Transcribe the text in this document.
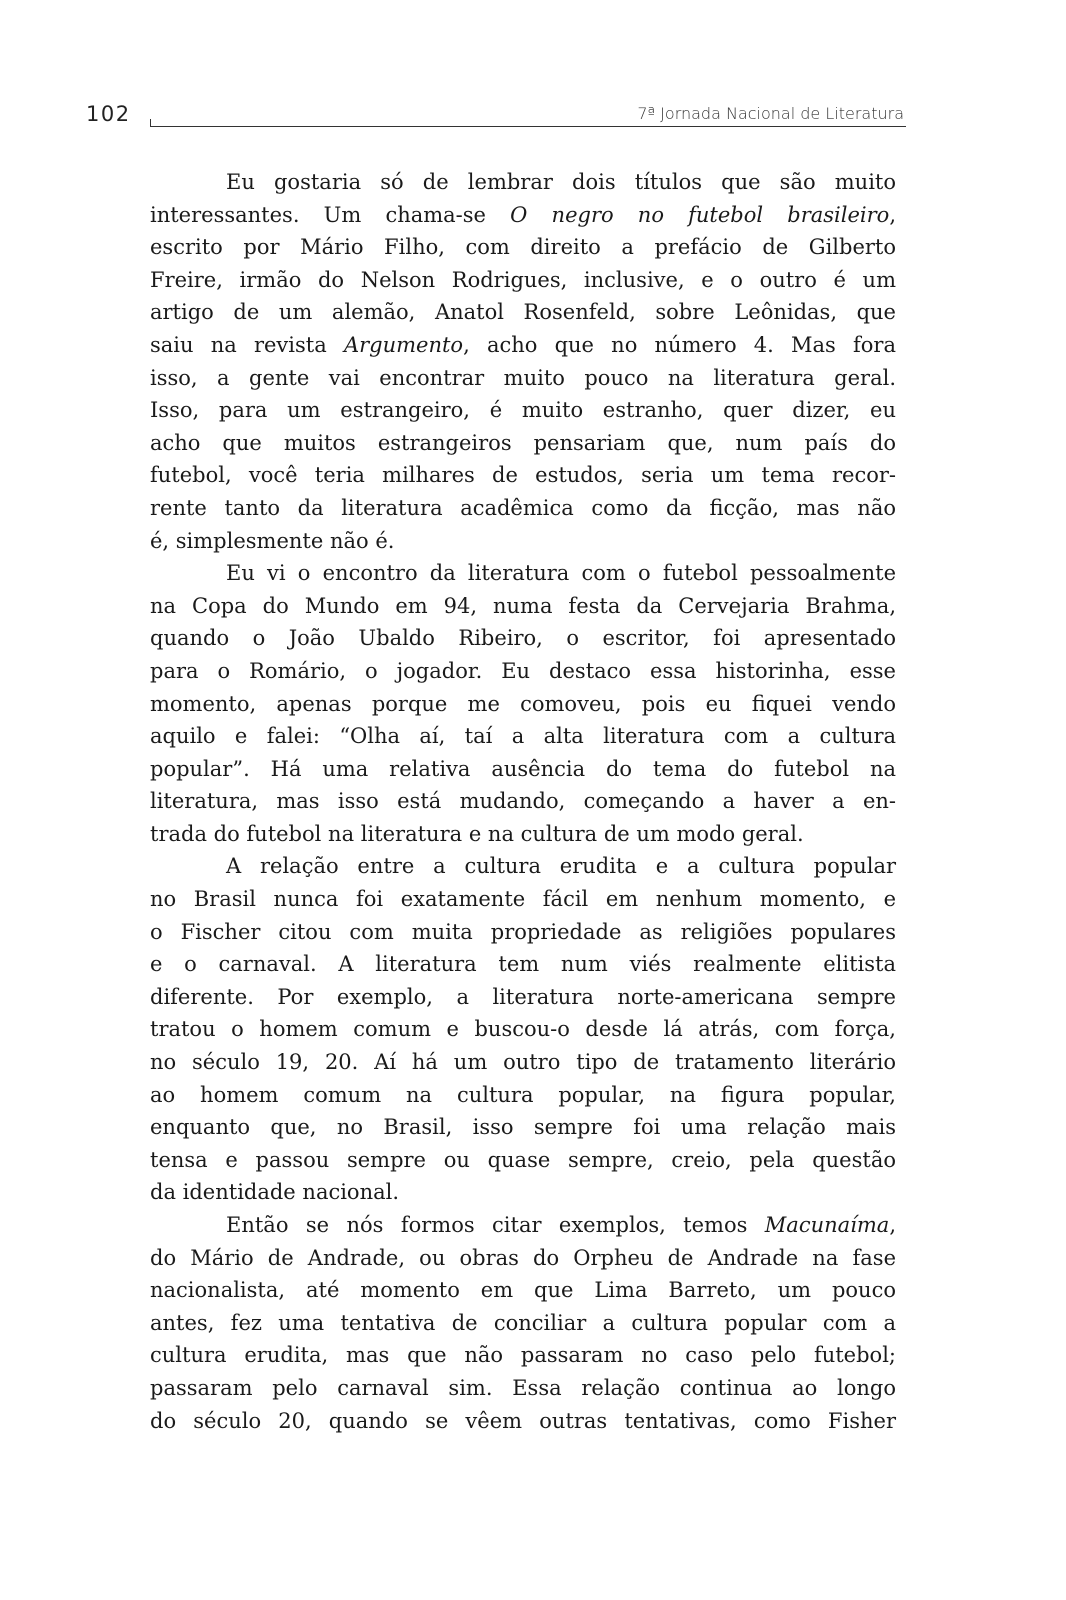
102	7ª Jornada Nacional de Literatura
Eu gostaria só de lembrar dois títulos que são muito
interessantes. Um chama-se O negro no futebol brasileiro,
escrito por Mário Filho, com direito a prefácio de Gilberto
Freire, irmão do Nelson Rodrigues, inclusive, e o outro é um
artigo de um alemão, Anatol Rosenfeld, sobre Leônidas, que
saiu na revista Argumento, acho que no número 4. Mas fora
isso, a gente vai encontrar muito pouco na literatura geral.
Isso, para um estrangeiro, é muito estranho, quer dizer, eu
acho que muitos estrangeiros pensariam que, num país do
futebol, você teria milhares de estudos, seria um tema recor-
rente tanto da literatura acadêmica como da ficção, mas não
é, simplesmente não é.
Eu vi o encontro da literatura com o futebol pessoalmente
na Copa do Mundo em 94, numa festa da Cervejaria Brahma,
quando o João Ubaldo Ribeiro, o escritor, foi apresentado
para o Romário, o jogador. Eu destaco essa historinha, esse
momento, apenas porque me comoveu, pois eu fiquei vendo
aquilo e falei: “Olha aí, taí a alta literatura com a cultura
popular”. Há uma relativa ausência do tema do futebol na
literatura, mas isso está mudando, começando a haver a en-
trada do futebol na literatura e na cultura de um modo geral.
A relação entre a cultura erudita e a cultura popular
no Brasil nunca foi exatamente fácil em nenhum momento, e
o Fischer citou com muita propriedade as religiões populares
e o carnaval. A literatura tem num viés realmente elitista
diferente. Por exemplo, a literatura norte-americana sempre
tratou o homem comum e buscou-o desde lá atrás, com força,
no século 19, 20. Aí há um outro tipo de tratamento literário
ao homem comum na cultura popular, na figura popular,
enquanto que, no Brasil, isso sempre foi uma relação mais
tensa e passou sempre ou quase sempre, creio, pela questão
da identidade nacional.
Então se nós formos citar exemplos, temos Macunaíma,
do Mário de Andrade, ou obras do Orpheu de Andrade na fase
nacionalista, até momento em que Lima Barreto, um pouco
antes, fez uma tentativa de conciliar a cultura popular com a
cultura erudita, mas que não passaram no caso pelo futebol;
passaram pelo carnaval sim. Essa relação continua ao longo
do século 20, quando se vêem outras tentativas, como Fisher
